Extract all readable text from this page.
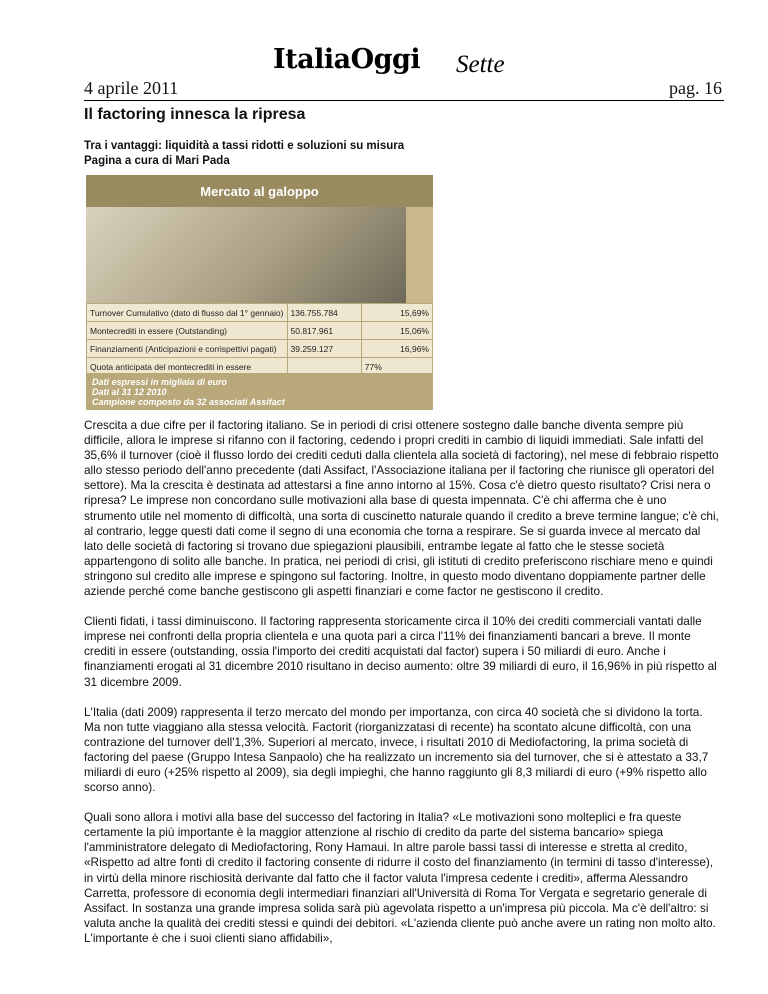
ItaliaOggi Sette
4 aprile 2011	pag. 16
Il factoring innesca la ripresa
Tra i vantaggi: liquidità a tassi ridotti e soluzioni su misura
Pagina a cura di Mari Pada
Mercato al galoppo
Turnover Cumulativo (dato di flusso dal 1° gennaio)	136.755.784	15,69%
Montecrediti in essere (Outstanding)	50.817.961	15,06%
Finanziamenti (Anticipazioni e corrispettivi pagati)	39.259.127	16,96%
Quota anticipata del montecrediti in essere		77%
Dati espressi in migliaia di euro
Dati al 31 12 2010
Campione composto da 32 associati Assifact

Crescita a due cifre per il factoring italiano. Se in periodi di crisi ottenere sostegno dalle banche diventa sempre più difficile, allora le imprese si rifanno con il factoring, cedendo i propri crediti in cambio di liquidi immediati. Sale infatti del 35,6% il turnover (cioè il flusso lordo dei crediti ceduti dalla clientela alla società di factoring), nel mese di febbraio rispetto allo stesso periodo dell'anno precedente (dati Assifact, l'Associazione italiana per il factoring che riunisce gli operatori del settore). Ma la crescita è destinata ad attestarsi a fine anno intorno al 15%. Cosa c'è dietro questo risultato? Crisi nera o ripresa? Le imprese non concordano sulle motivazioni alla base di questa impennata. C'è chi afferma che è uno strumento utile nel momento di difficoltà, una sorta di cuscinetto naturale quando il credito a breve termine langue; c'è chi, al contrario, legge questi dati come il segno di una economia che torna a respirare. Se si guarda invece al mercato dal lato delle società di factoring si trovano due spiegazioni plausibili, entrambe legate al fatto che le stesse società appartengono di solito alle banche. In pratica, nei periodi di crisi, gli istituti di credito preferiscono rischiare meno e quindi stringono sul credito alle imprese e spingono sul factoring. Inoltre, in questo modo diventano doppiamente partner delle aziende perché come banche gestiscono gli aspetti finanziari e come factor ne gestiscono il credito.

Clienti fidati, i tassi diminuiscono. Il factoring rappresenta storicamente circa il 10% dei crediti commerciali vantati dalle imprese nei confronti della propria clientela e una quota pari a circa l'11% dei finanziamenti bancari a breve. Il monte crediti in essere (outstanding, ossia l'importo dei crediti acquistati dal factor) supera i 50 miliardi di euro. Anche i finanziamenti erogati al 31 dicembre 2010 risultano in deciso aumento: oltre 39 miliardi di euro, il 16,96% in più rispetto al 31 dicembre 2009.

L'Italia (dati 2009) rappresenta il terzo mercato del mondo per importanza, con circa 40 società che si dividono la torta. Ma non tutte viaggiano alla stessa velocità. Factorit (riorganizzatasi di recente) ha scontato alcune difficoltà, con una contrazione del turnover dell'1,3%. Superiori al mercato, invece, i risultati 2010 di Mediofactoring, la prima società di factoring del paese (Gruppo Intesa Sanpaolo) che ha realizzato un incremento sia del turnover, che si è attestato a 33,7 miliardi di euro (+25% rispetto al 2009), sia degli impieghi, che hanno raggiunto gli 8,3 miliardi di euro (+9% rispetto allo scorso anno).

Quali sono allora i motivi alla base del successo del factoring in Italia? «Le motivazioni sono molteplici e fra queste certamente la più importante è la maggior attenzione al rischio di credito da parte del sistema bancario» spiega l'amministratore delegato di Mediofactoring, Rony Hamaui. In altre parole bassi tassi di interesse e stretta al credito, «Rispetto ad altre fonti di credito il factoring consente di ridurre il costo del finanziamento (in termini di tasso d'interesse), in virtù della minore rischiosità derivante dal fatto che il factor valuta l'impresa cedente i crediti», afferma Alessandro Carretta, professore di economia degli intermediari finanziari all'Università di Roma Tor Vergata e segretario generale di Assifact. In sostanza una grande impresa solida sarà più agevolata rispetto a un'impresa più piccola. Ma c'è dell'altro: si valuta anche la qualità dei crediti stessi e quindi dei debitori. «L'azienda cliente può anche avere un rating non molto alto. L'importante è che i suoi clienti siano affidabili»,
